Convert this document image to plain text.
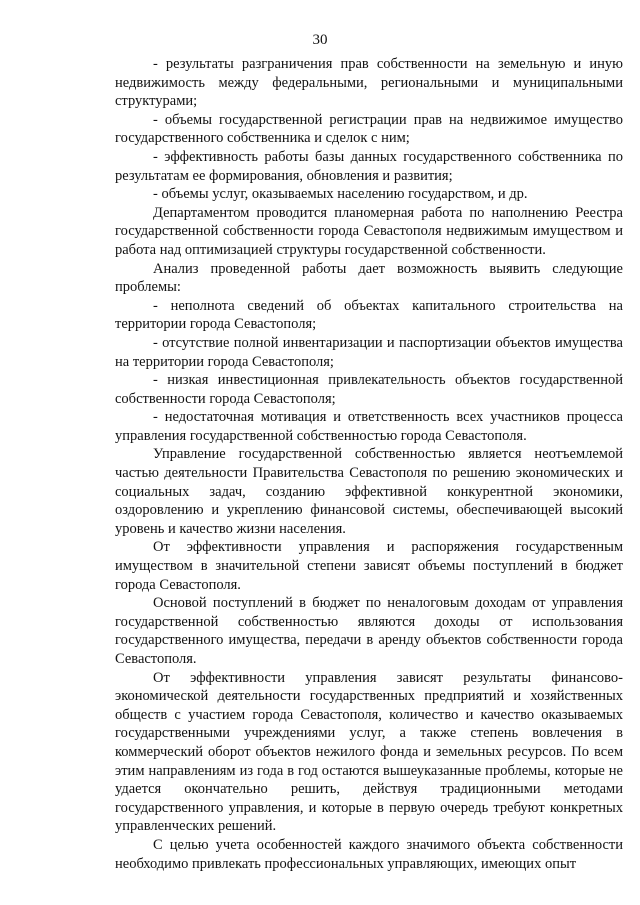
30

- результаты разграничения прав собственности на земельную и иную недвижимость между федеральными, региональными и муниципальными структурами;

- объемы государственной регистрации прав на недвижимое имущество государственного собственника и сделок с ним;

- эффективность работы базы данных государственного собственника по результатам ее формирования, обновления и развития;

- объемы услуг, оказываемых населению государством, и др.

Департаментом проводится планомерная работа по наполнению Реестра государственной собственности города Севастополя недвижимым имуществом и работа над оптимизацией структуры государственной собственности.

Анализ проведенной работы дает возможность выявить следующие проблемы:

- неполнота сведений об объектах капитального строительства на территории города Севастополя;

- отсутствие полной инвентаризации и паспортизации объектов имущества на территории города Севастополя;

- низкая инвестиционная привлекательность объектов государственной собственности города Севастополя;

- недостаточная мотивация и ответственность всех участников процесса управления государственной собственностью города Севастополя.

Управление государственной собственностью является неотъемлемой частью деятельности Правительства Севастополя по решению экономических и социальных задач, созданию эффективной конкурентной экономики, оздоровлению и укреплению финансовой системы, обеспечивающей высокий уровень и качество жизни населения.

От эффективности управления и распоряжения государственным имуществом в значительной степени зависят объемы поступлений в бюджет города Севастополя.

Основой поступлений в бюджет по неналоговым доходам от управления государственной собственностью являются доходы от использования государственного имущества, передачи в аренду объектов собственности города Севастополя.

От эффективности управления зависят результаты финансово-экономической деятельности государственных предприятий и хозяйственных обществ с участием города Севастополя, количество и качество оказываемых государственными учреждениями услуг, а также степень вовлечения в коммерческий оборот объектов нежилого фонда и земельных ресурсов. По всем этим направлениям из года в год остаются вышеуказанные проблемы, которые не удается окончательно решить, действуя традиционными методами государственного управления, и которые в первую очередь требуют конкретных управленческих решений.

С целью учета особенностей каждого значимого объекта собственности необходимо привлекать профессиональных управляющих, имеющих опыт
